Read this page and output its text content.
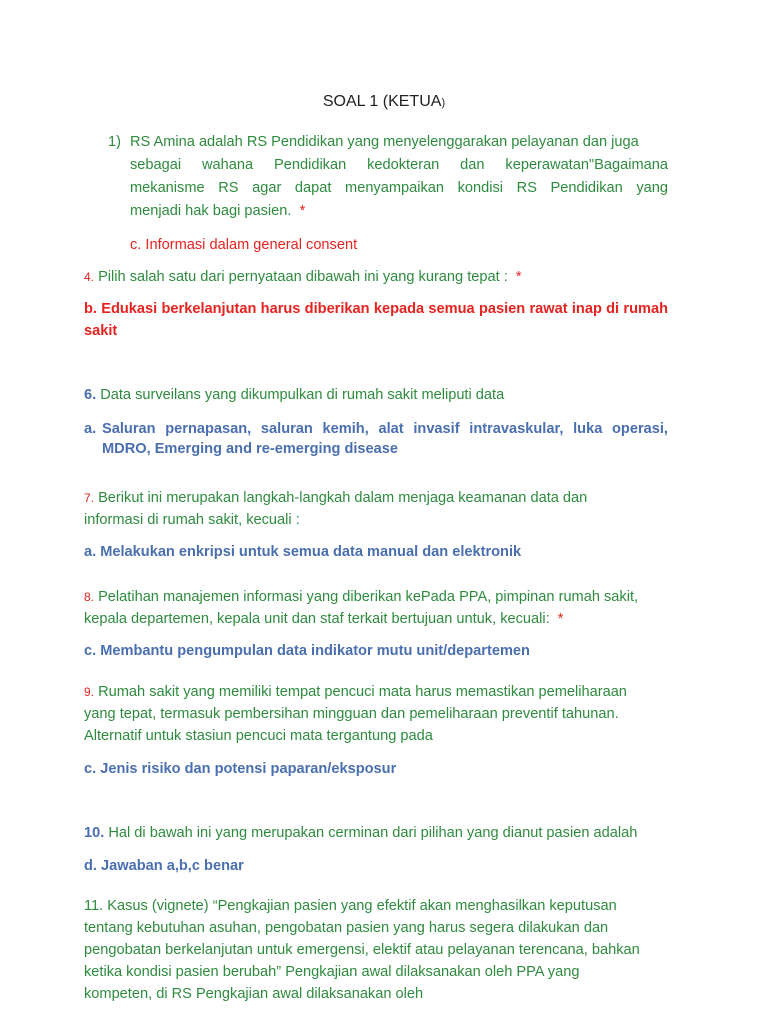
SOAL 1 (KETUA)
1) RS Amina adalah RS Pendidikan yang menyelenggarakan pelayanan dan juga
sebagai wahana Pendidikan kedokteran dan keperawatan"Bagaimana
mekanisme RS agar dapat menyampaikan kondisi RS Pendidikan yang
menjadi hak bagi pasien. *
c. Informasi dalam general consent
4. Pilih salah satu dari pernyataan dibawah ini yang kurang tepat : *
b. Edukasi berkelanjutan harus diberikan kepada semua pasien rawat inap di rumah
sakit
6. Data surveilans yang dikumpulkan di rumah sakit meliputi data
a. Saluran pernapasan, saluran kemih, alat invasif intravaskular, luka operasi,
MDRO, Emerging and re-emerging disease
7. Berikut ini merupakan langkah-langkah dalam menjaga keamanan data dan
informasi di rumah sakit, kecuali :
a. Melakukan enkripsi untuk semua data manual dan elektronik
8. Pelatihan manajemen informasi yang diberikan kePada PPA, pimpinan rumah sakit,
kepala departemen, kepala unit dan staf terkait bertujuan untuk, kecuali: *
c. Membantu pengumpulan data indikator mutu unit/departemen
9. Rumah sakit yang memiliki tempat pencuci mata harus memastikan pemeliharaan
yang tepat, termasuk pembersihan mingguan dan pemeliharaan preventif tahunan.
Alternatif untuk stasiun pencuci mata tergantung pada
c. Jenis risiko dan potensi paparan/eksposur
10. Hal di bawah ini yang merupakan cerminan dari pilihan yang dianut pasien adalah
d. Jawaban a,b,c benar
11. Kasus (vignete) “Pengkajian pasien yang efektif akan menghasilkan keputusan
tentang kebutuhan asuhan, pengobatan pasien yang harus segera dilakukan dan
pengobatan berkelanjutan untuk emergensi, elektif atau pelayanan terencana, bahkan
ketika kondisi pasien berubah” Pengkajian awal dilaksanakan oleh PPA yang
kompeten, di RS Pengkajian awal dilaksanakan oleh
